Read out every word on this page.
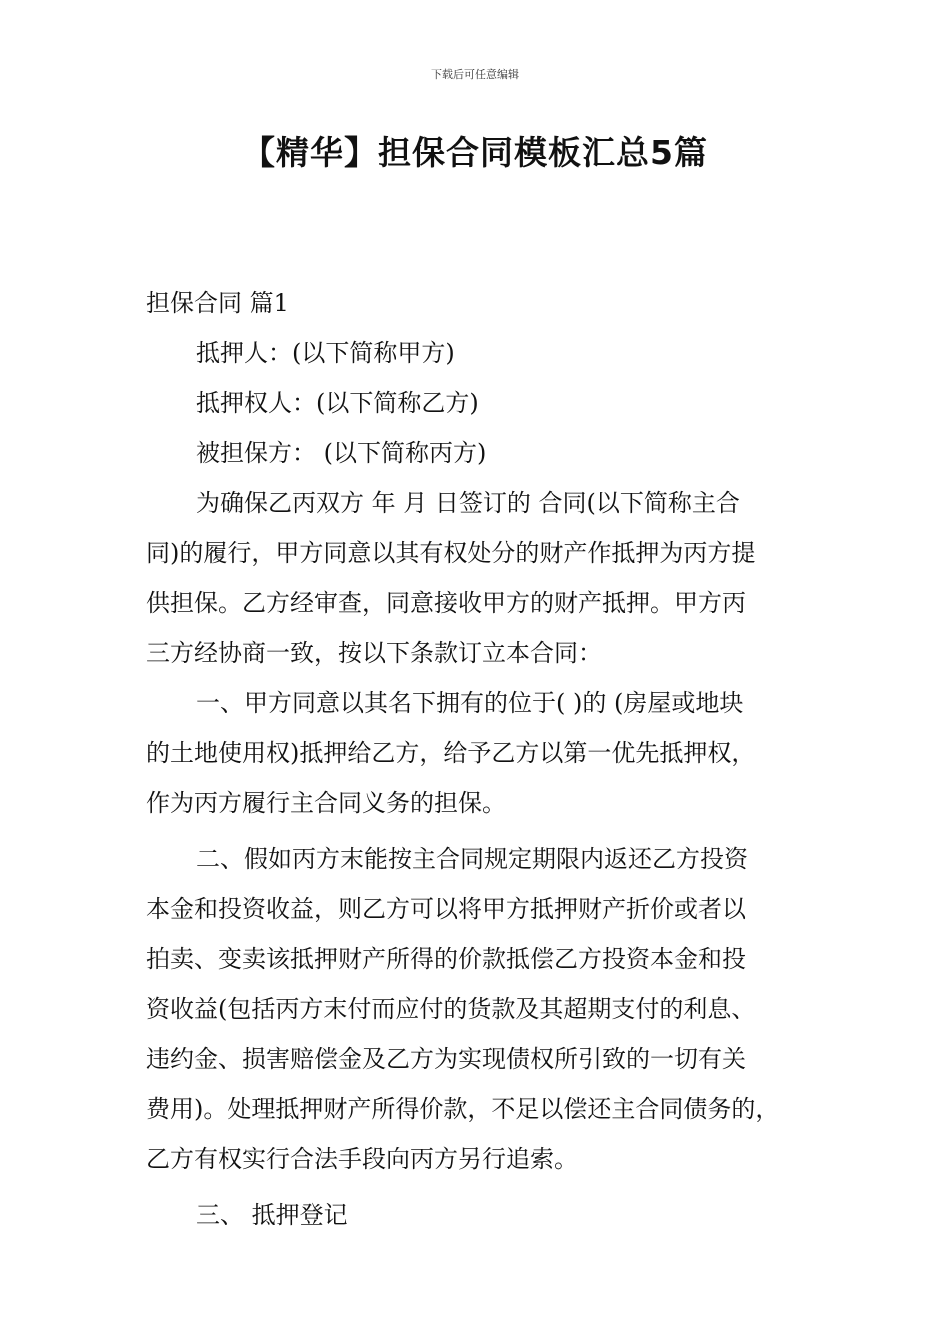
下载后可任意编辑
【精华】担保合同模板汇总5篇

担保合同 篇1

抵押人：(以下简称甲方)

抵押权人：(以下简称乙方)

被担保方： (以下简称丙方)

为确保乙丙双方 年 月 日签订的 合同(以下简称主合

同)的履行，甲方同意以其有权处分的财产作抵押为丙方提

供担保。乙方经审查，同意接收甲方的财产抵押。甲方丙

三方经协商一致，按以下条款订立本合同：

一、甲方同意以其名下拥有的位于( )的 (房屋或地块

的土地使用权)抵押给乙方，给予乙方以第一优先抵押权，

作为丙方履行主合同义务的担保。

二、假如丙方末能按主合同规定期限内返还乙方投资

本金和投资收益，则乙方可以将甲方抵押财产折价或者以

拍卖、变卖该抵押财产所得的价款抵偿乙方投资本金和投

资收益(包括丙方末付而应付的货款及其超期支付的利息、

违约金、损害赔偿金及乙方为实现债权所引致的一切有关

费用)。处理抵押财产所得价款，不足以偿还主合同债务的，

乙方有权实行合法手段向丙方另行追索。

三、 抵押登记
